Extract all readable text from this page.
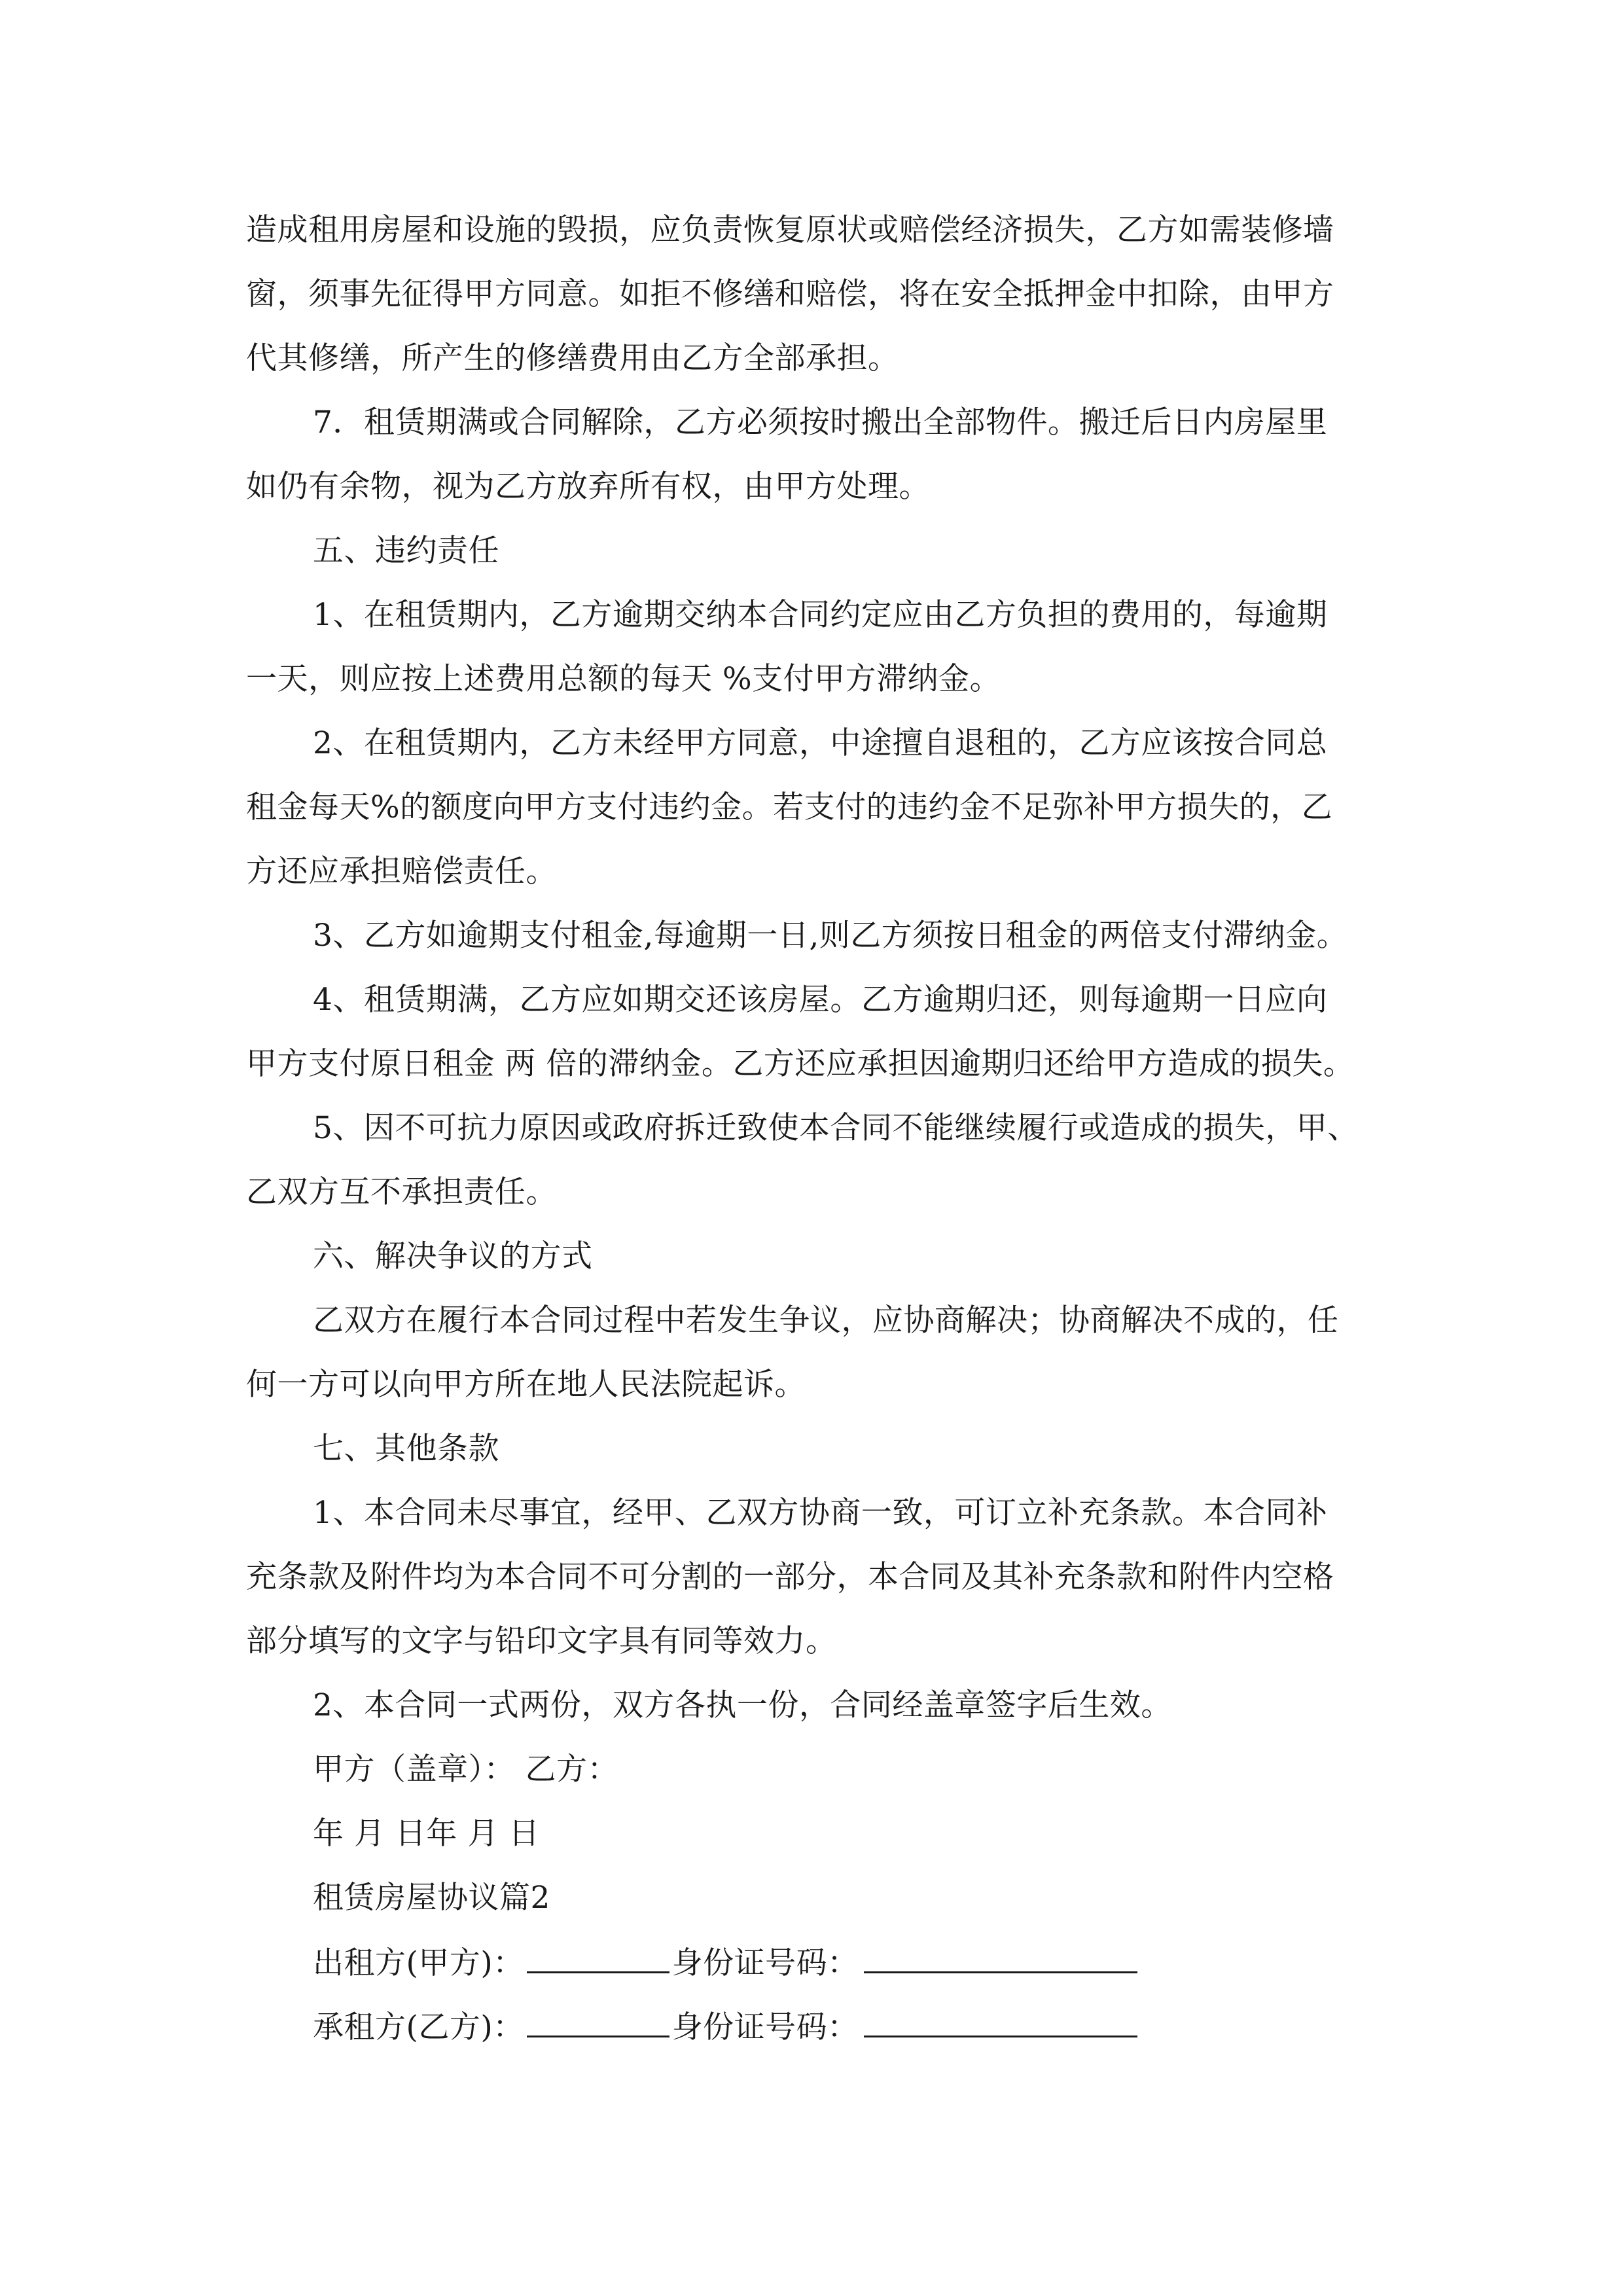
造成租用房屋和设施的毁损，应负责恢复原状或赔偿经济损失，乙方如需装修墙
窗，须事先征得甲方同意。如拒不修缮和赔偿，将在安全抵押金中扣除，由甲方
代其修缮，所产生的修缮费用由乙方全部承担。
7．租赁期满或合同解除，乙方必须按时搬出全部物件。搬迁后日内房屋里
如仍有余物，视为乙方放弃所有权，由甲方处理。
五、违约责任
1、在租赁期内，乙方逾期交纳本合同约定应由乙方负担的费用的，每逾期
一天，则应按上述费用总额的每天 %支付甲方滞纳金。
2、在租赁期内，乙方未经甲方同意，中途擅自退租的，乙方应该按合同总
租金每天%的额度向甲方支付违约金。若支付的违约金不足弥补甲方损失的，乙
方还应承担赔偿责任。
3、乙方如逾期支付租金,每逾期一日,则乙方须按日租金的两倍支付滞纳金。
4、租赁期满，乙方应如期交还该房屋。乙方逾期归还，则每逾期一日应向
甲方支付原日租金 两 倍的滞纳金。乙方还应承担因逾期归还给甲方造成的损失。
5、因不可抗力原因或政府拆迁致使本合同不能继续履行或造成的损失，甲、
乙双方互不承担责任。
六、解决争议的方式
乙双方在履行本合同过程中若发生争议，应协商解决；协商解决不成的，任
何一方可以向甲方所在地人民法院起诉。
七、其他条款
1、本合同未尽事宜，经甲、乙双方协商一致，可订立补充条款。本合同补
充条款及附件均为本合同不可分割的一部分，本合同及其补充条款和附件内空格
部分填写的文字与铅印文字具有同等效力。
2、本合同一式两份，双方各执一份，合同经盖章签字后生效。
甲方（盖章）： 乙方：
年 月 日年 月 日
租赁房屋协议篇2
出租方(甲方)：	身份证号码：
承租方(乙方)：	身份证号码：
